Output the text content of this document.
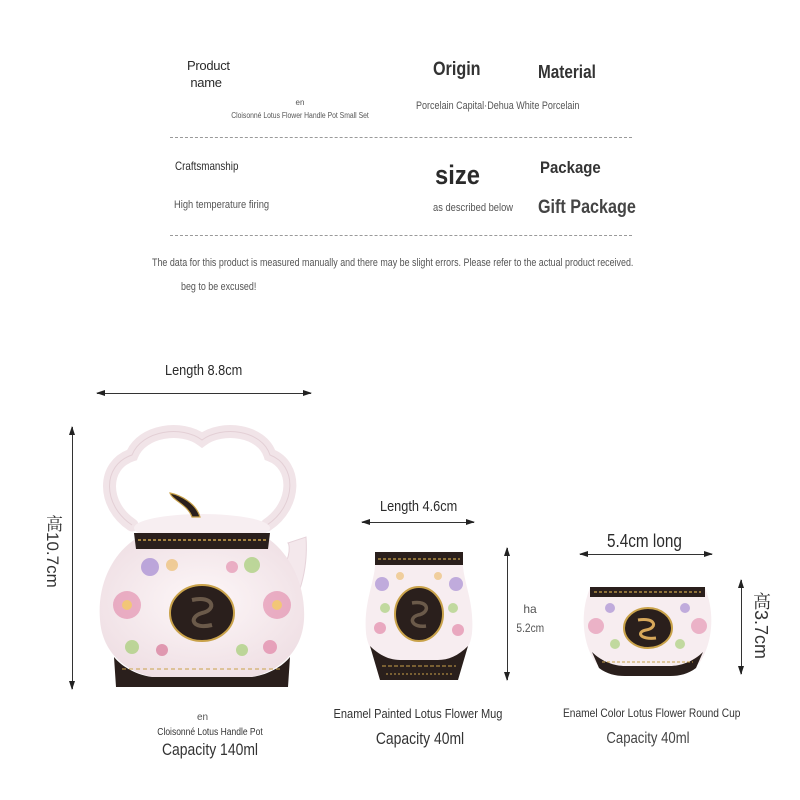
Product
name
en
Cloisonné Lotus Flower Handle Pot Small Set
Origin
Porcelain Capital·Dehua White Porcelain
Material
Craftsmanship
High temperature firing
size
as described below
Package
Gift Package
The data for this product is measured manually and there may be slight errors. Please refer to the actual product received.
beg to be excused!
Length 8.8cm
高10.7cm
en
Cloisonné Lotus Handle Pot
Capacity 140ml
Length 4.6cm
ha
5.2cm
Enamel Painted Lotus Flower Mug
Capacity 40ml
5.4cm long
高3.7cm
Enamel Color Lotus Flower Round Cup
Capacity 40ml
